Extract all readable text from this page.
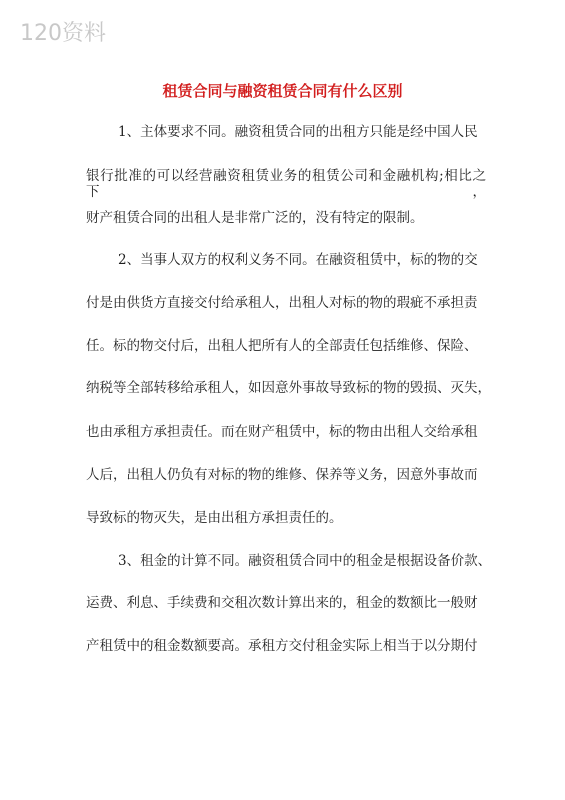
120资料
租赁合同与融资租赁合同有什么区别
1、主体要求不同。融资租赁合同的出租方只能是经中国人民
银行批准的可以经营融资租赁业务的租赁公司和金融机构;相比之下，
财产租赁合同的出租人是非常广泛的，没有特定的限制。
2、当事人双方的权利义务不同。在融资租赁中，标的物的交
付是由供货方直接交付给承租人，出租人对标的物的瑕疵不承担责
任。标的物交付后，出租人把所有人的全部责任包括维修、保险、
纳税等全部转移给承租人，如因意外事故导致标的物的毁损、灭失，
也由承租方承担责任。而在财产租赁中，标的物由出租人交给承租
人后，出租人仍负有对标的物的维修、保养等义务，因意外事故而
导致标的物灭失，是由出租方承担责任的。
3、租金的计算不同。融资租赁合同中的租金是根据设备价款、
运费、利息、手续费和交租次数计算出来的，租金的数额比一般财
产租赁中的租金数额要高。承租方交付租金实际上相当于以分期付
